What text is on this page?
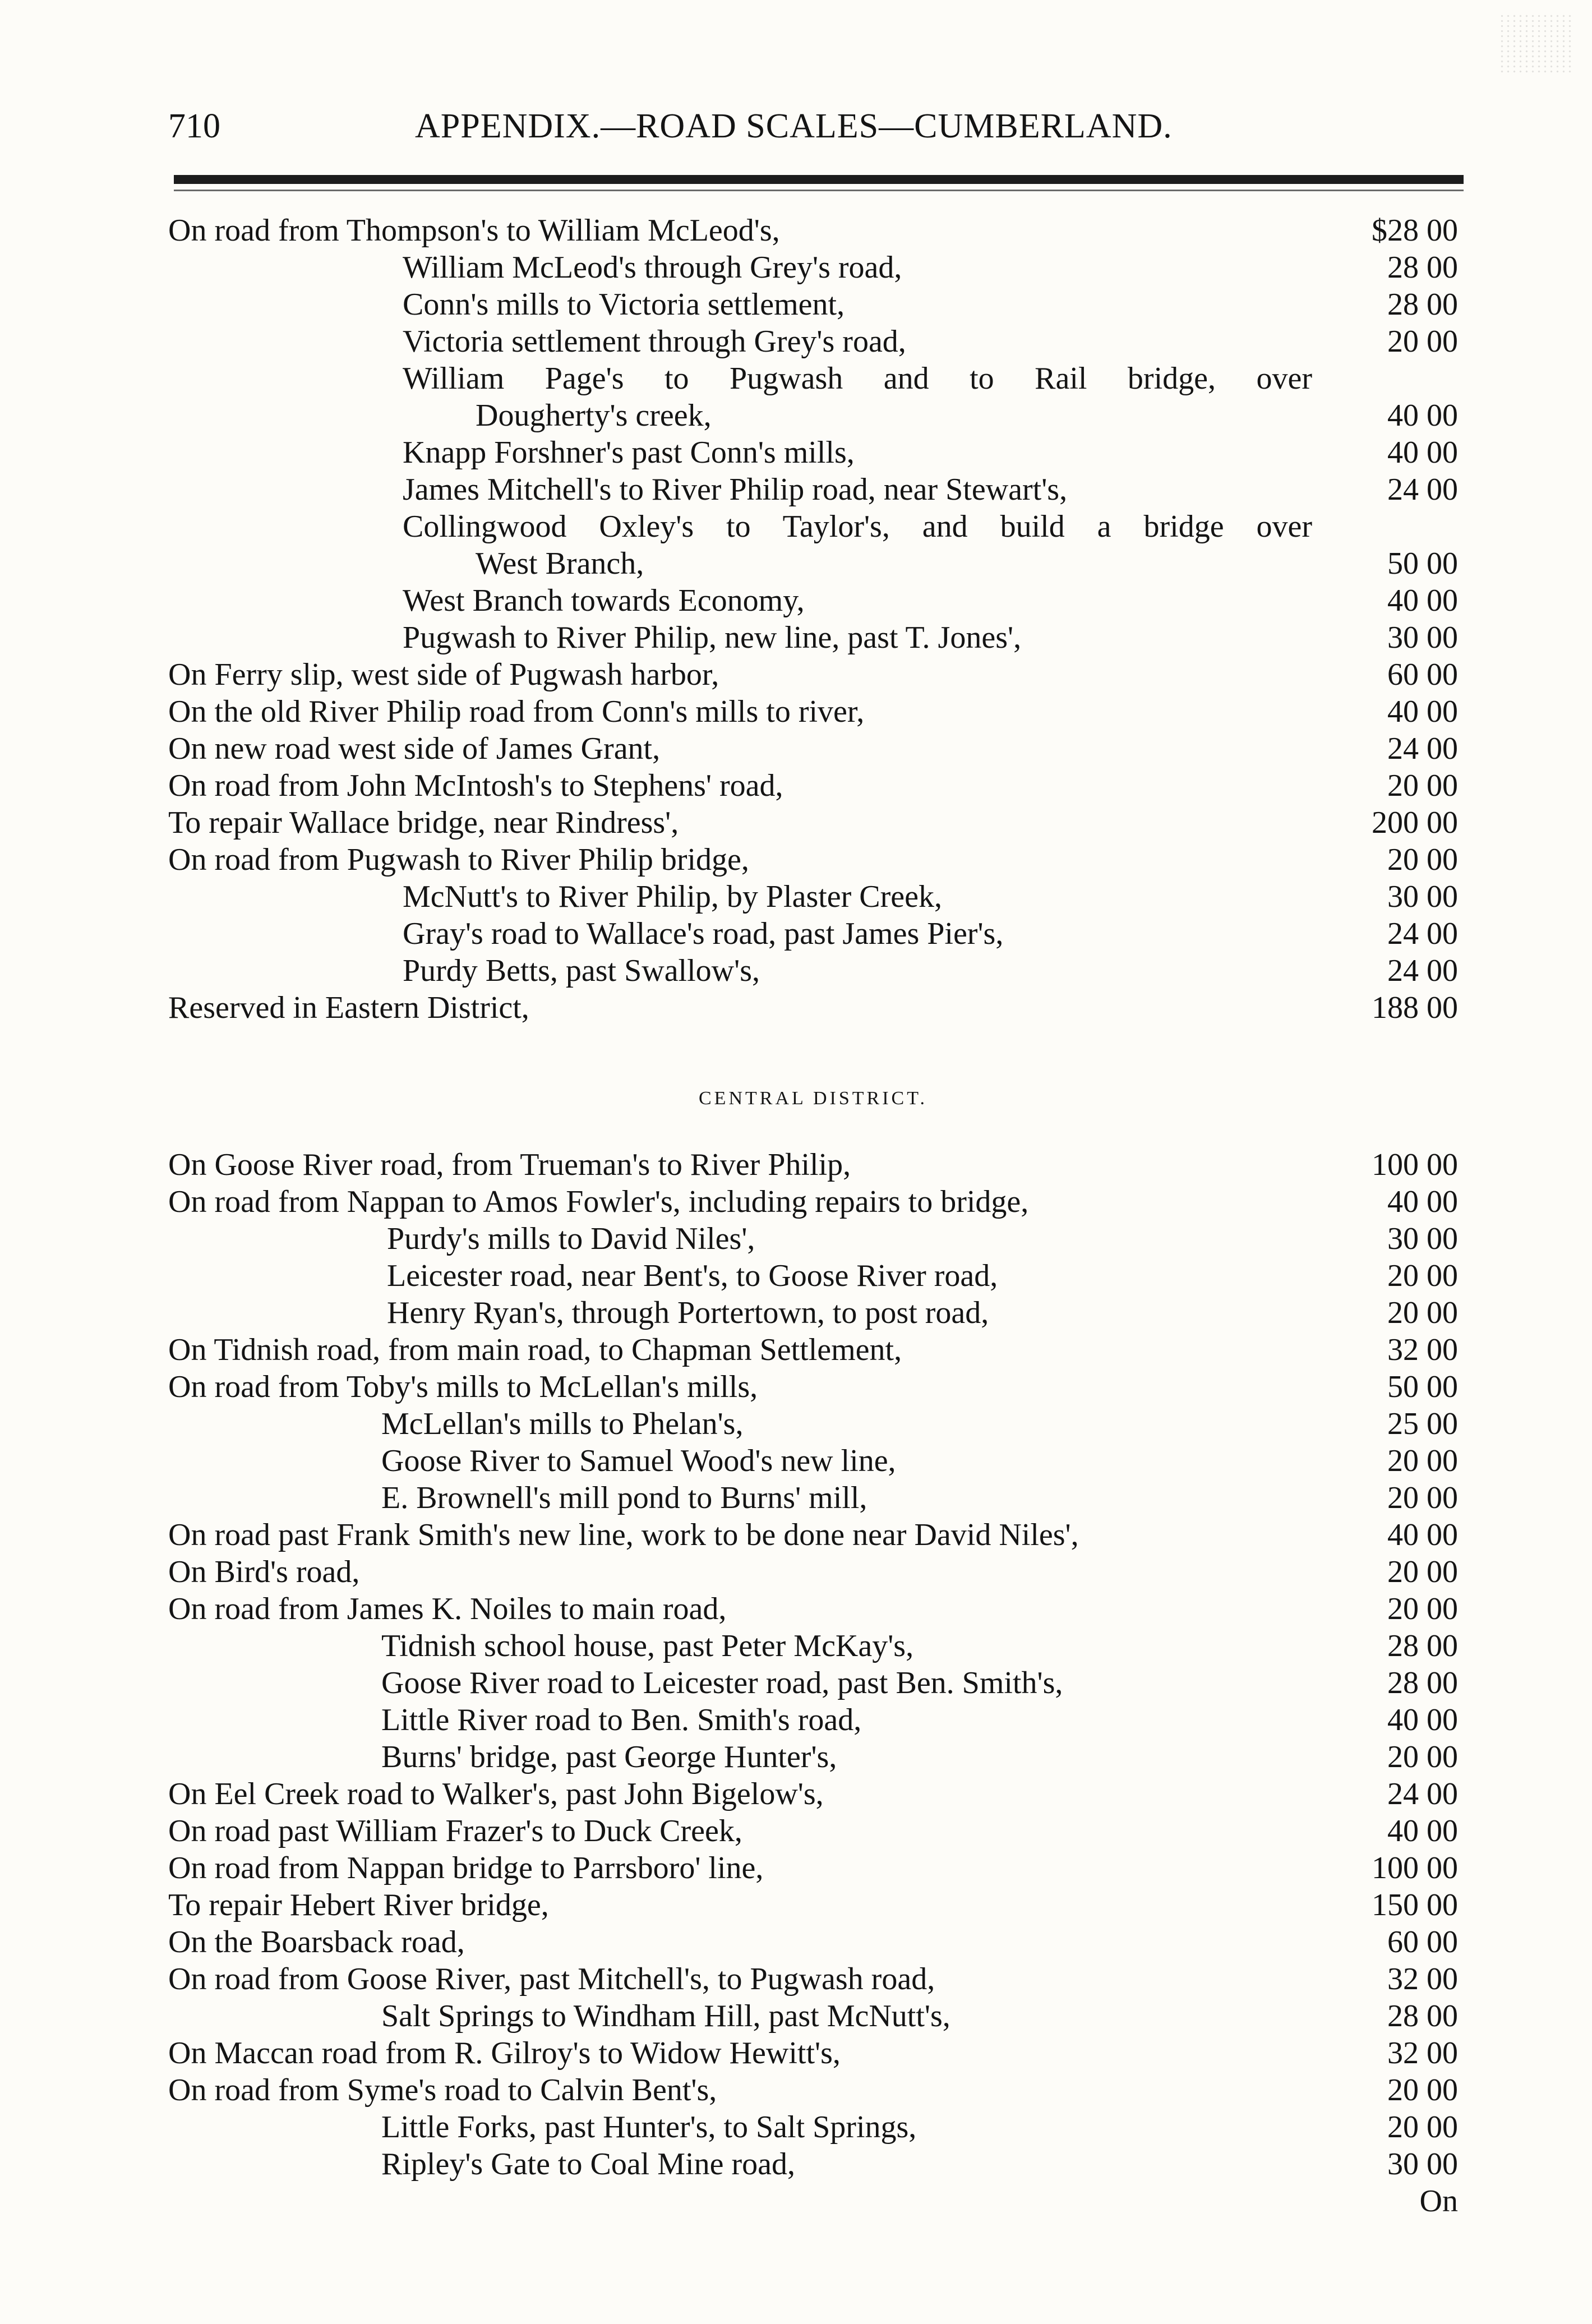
710	APPENDIX.—ROAD SCALES—CUMBERLAND.
On road from Thompson's to William McLeod's,	$28 00
William McLeod's through Grey's road,	28 00
Conn's mills to Victoria settlement,	28 00
Victoria settlement through Grey's road,	20 00
William Page's to Pugwash and to Rail bridge, over
Dougherty's creek,	40 00
Knapp Forshner's past Conn's mills,	40 00
James Mitchell's to River Philip road, near Stewart's,	24 00
Collingwood Oxley's to Taylor's, and build a bridge over
West Branch,	50 00
West Branch towards Economy,	40 00
Pugwash to River Philip, new line, past T. Jones',	30 00
On Ferry slip, west side of Pugwash harbor,	60 00
On the old River Philip road from Conn's mills to river,	40 00
On new road west side of James Grant,	24 00
On road from John McIntosh's to Stephens' road,	20 00
To repair Wallace bridge, near Rindress',	200 00
On road from Pugwash to River Philip bridge,	20 00
McNutt's to River Philip, by Plaster Creek,	30 00
Gray's road to Wallace's road, past James Pier's,	24 00
Purdy Betts, past Swallow's,	24 00
Reserved in Eastern District,	188 00
CENTRAL DISTRICT.
On Goose River road, from Trueman's to River Philip,	100 00
On road from Nappan to Amos Fowler's, including repairs to bridge,	40 00
Purdy's mills to David Niles',	30 00
Leicester road, near Bent's, to Goose River road,	20 00
Henry Ryan's, through Portertown, to post road,	20 00
On Tidnish road, from main road, to Chapman Settlement,	32 00
On road from Toby's mills to McLellan's mills,	50 00
McLellan's mills to Phelan's,	25 00
Goose River to Samuel Wood's new line,	20 00
E. Brownell's mill pond to Burns' mill,	20 00
On road past Frank Smith's new line, work to be done near David Niles',	40 00
On Bird's road,	20 00
On road from James K. Noiles to main road,	20 00
Tidnish school house, past Peter McKay's,	28 00
Goose River road to Leicester road, past Ben. Smith's,	28 00
Little River road to Ben. Smith's road,	40 00
Burns' bridge, past George Hunter's,	20 00
On Eel Creek road to Walker's, past John Bigelow's,	24 00
On road past William Frazer's to Duck Creek,	40 00
On road from Nappan bridge to Parrsboro' line,	100 00
To repair Hebert River bridge,	150 00
On the Boarsback road,	60 00
On road from Goose River, past Mitchell's, to Pugwash road,	32 00
Salt Springs to Windham Hill, past McNutt's,	28 00
On Maccan road from R. Gilroy's to Widow Hewitt's,	32 00
On road from Syme's road to Calvin Bent's,	20 00
Little Forks, past Hunter's, to Salt Springs,	20 00
Ripley's Gate to Coal Mine road,	30 00
On
